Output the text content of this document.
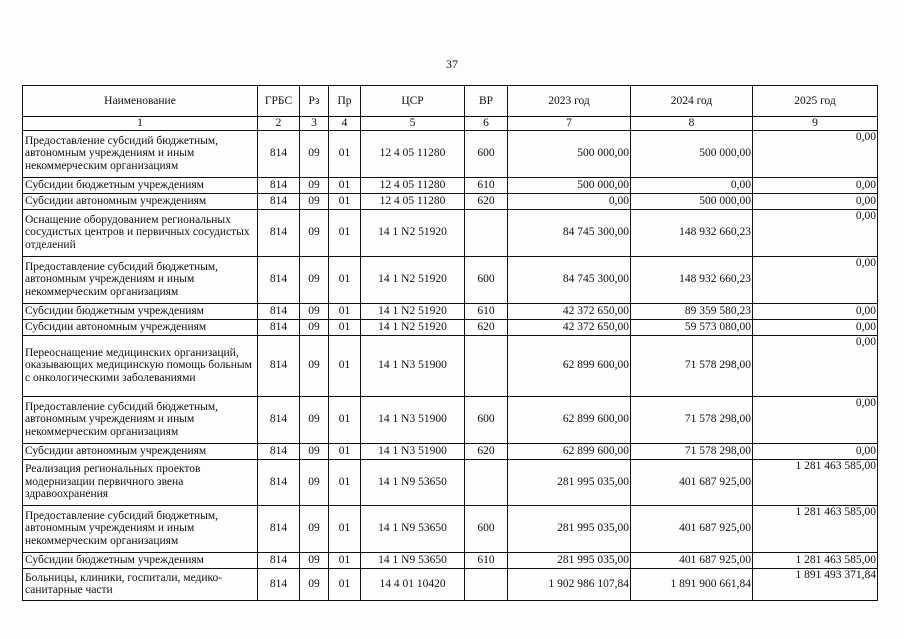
37
Наименование	ГРБС	Рз	Пр	ЦСР	ВР	2023 год	2024 год	2025 год
1	2	3	4	5	6	7	8	9
Предоставление субсидий бюджетным, автономным учреждениям и иным некоммерческим организациям	814	09	01	12 4 05 11280	600	500 000,00	500 000,00	0,00
Субсидии бюджетным учреждениям	814	09	01	12 4 05 11280	610	500 000,00	0,00	0,00
Субсидии автономным учреждениям	814	09	01	12 4 05 11280	620	0,00	500 000,00	0,00
Оснащение оборудованием региональных сосудистых центров и первичных сосудистых отделений	814	09	01	14 1 N2 51920		84 745 300,00	148 932 660,23	0,00
Предоставление субсидий бюджетным, автономным учреждениям и иным некоммерческим организациям	814	09	01	14 1 N2 51920	600	84 745 300,00	148 932 660,23	0,00
Субсидии бюджетным учреждениям	814	09	01	14 1 N2 51920	610	42 372 650,00	89 359 580,23	0,00
Субсидии автономным учреждениям	814	09	01	14 1 N2 51920	620	42 372 650,00	59 573 080,00	0,00
Переоснащение медицинских организаций, оказывающих медицинскую помощь больным с онкологическими заболеваниями	814	09	01	14 1 N3 51900		62 899 600,00	71 578 298,00	0,00
Предоставление субсидий бюджетным, автономным учреждениям и иным некоммерческим организациям	814	09	01	14 1 N3 51900	600	62 899 600,00	71 578 298,00	0,00
Субсидии автономным учреждениям	814	09	01	14 1 N3 51900	620	62 899 600,00	71 578 298,00	0,00
Реализация региональных проектов модернизации первичного звена здравоохранения	814	09	01	14 1 N9 53650		281 995 035,00	401 687 925,00	1 281 463 585,00
Предоставление субсидий бюджетным, автономным учреждениям и иным некоммерческим организациям	814	09	01	14 1 N9 53650	600	281 995 035,00	401 687 925,00	1 281 463 585,00
Субсидии бюджетным учреждениям	814	09	01	14 1 N9 53650	610	281 995 035,00	401 687 925,00	1 281 463 585,00
Больницы, клиники, госпитали, медико-санитарные части	814	09	01	14 4 01 10420		1 902 986 107,84	1 891 900 661,84	1 891 493 371,84
